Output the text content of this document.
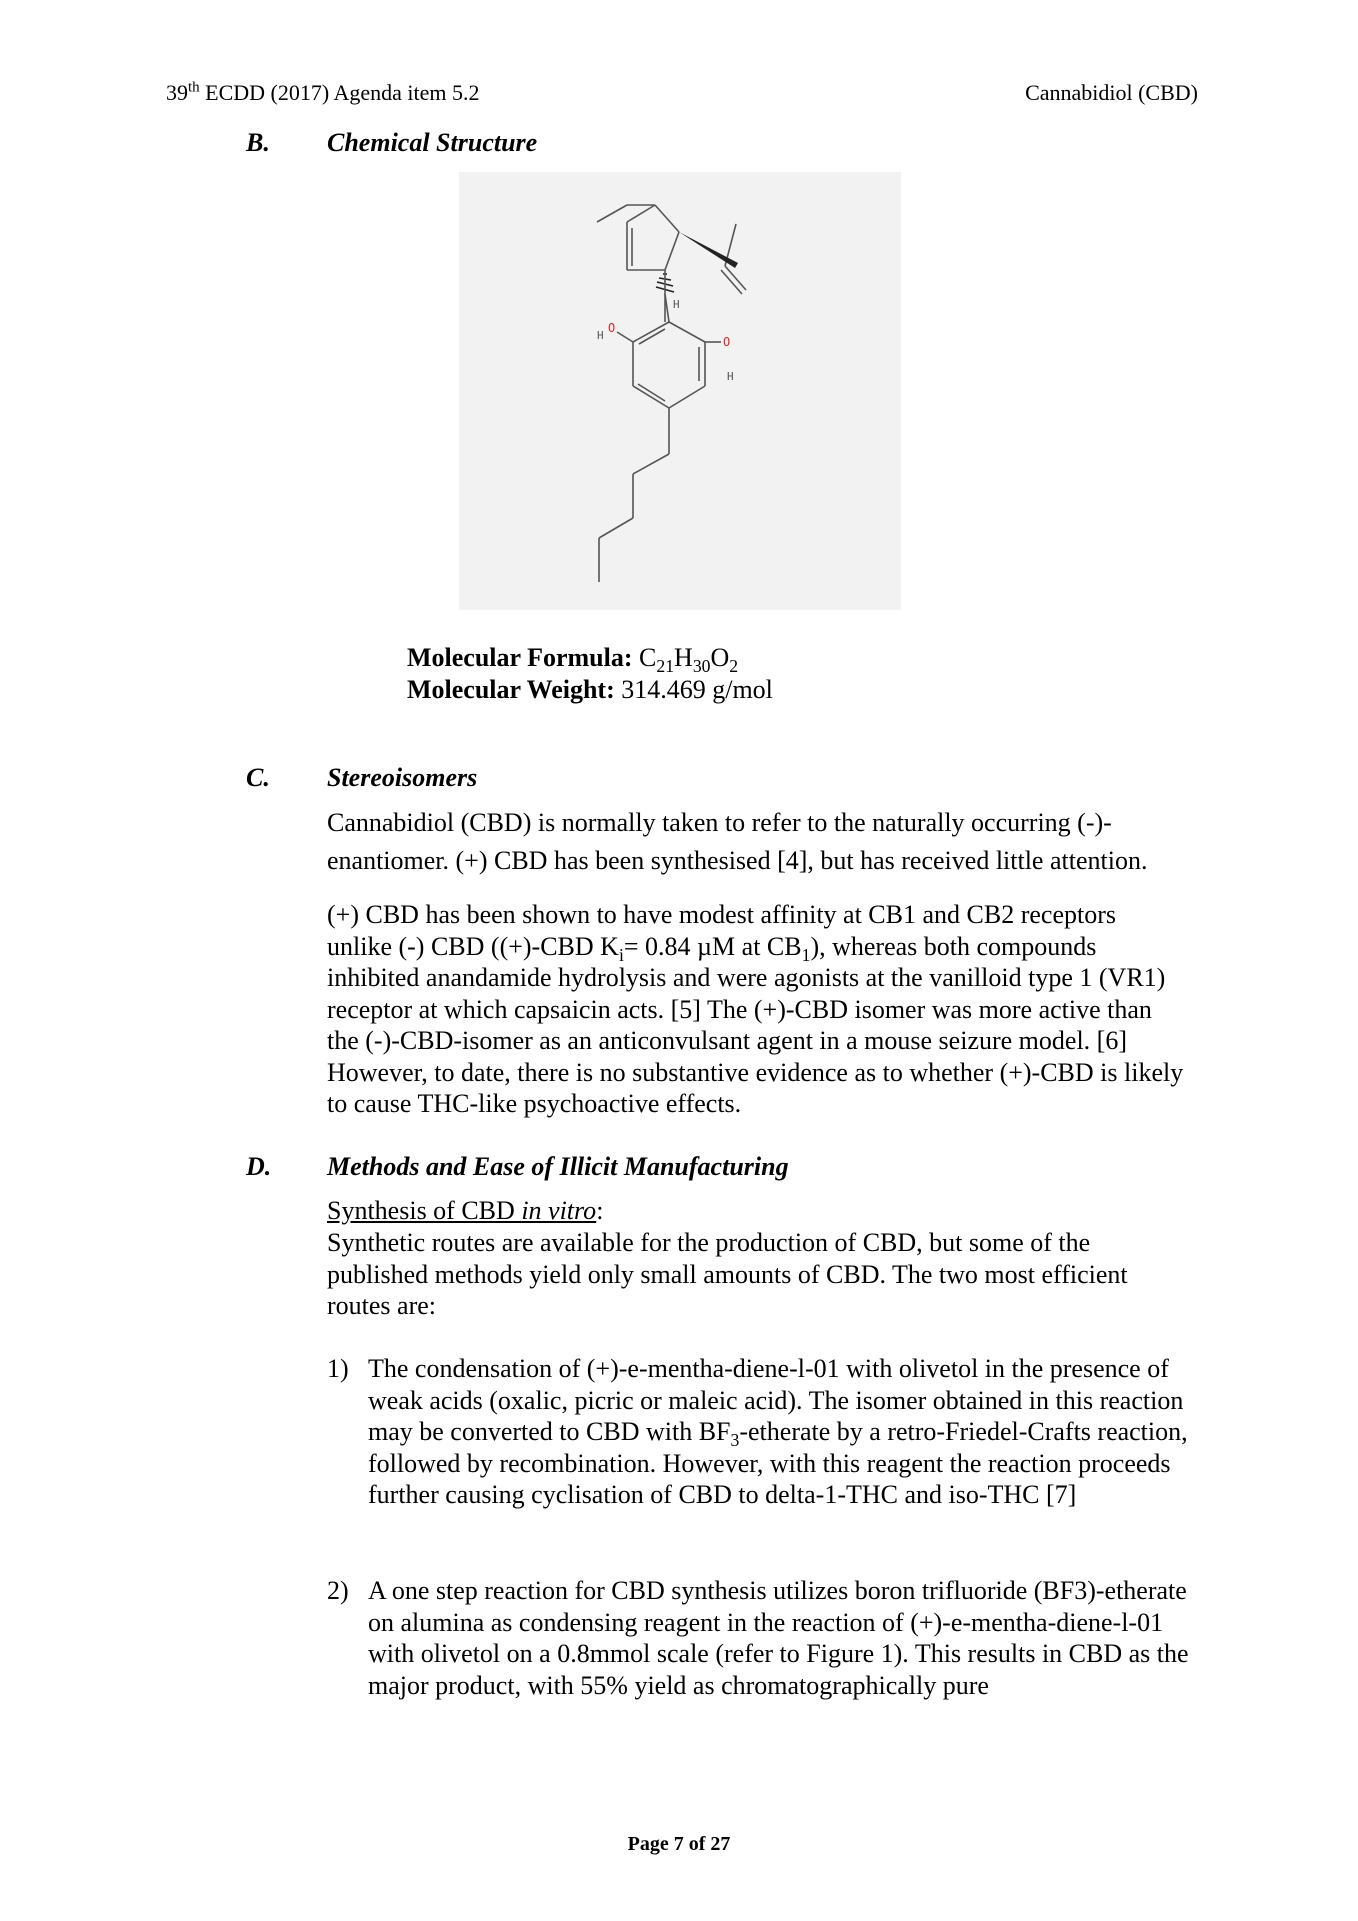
39th ECDD (2017) Agenda item 5.2	Cannabidiol (CBD)
B. Chemical Structure
H
O
O
H
H
Molecular Formula: $C_{21}H_{30}O_2$
Molecular Weight: 314.469 g/mol
C. Stereoisomers
Cannabidiol (CBD) is normally taken to refer to the naturally occurring (-)-
enantiomer. (+) CBD has been synthesised [4], but has received little attention.
(+) CBD has been shown to have modest affinity at CB1 and CB2 receptors unlike (-) CBD ((+)-CBD $K_i= 0.84$ µM at $CB_1$), whereas both compounds inhibited anandamide hydrolysis and were agonists at the vanilloid type 1 (VR1) receptor at which capsaicin acts. [5] The (+)-CBD isomer was more active than the (-)-CBD-isomer as an anticonvulsant agent in a mouse seizure model. [6] However, to date, there is no substantive evidence as to whether (+)-CBD is likely to cause THC-like psychoactive effects.
D. Methods and Ease of Illicit Manufacturing
Synthesis of CBD in vitro:
Synthetic routes are available for the production of CBD, but some of the published methods yield only small amounts of CBD. The two most efficient routes are:
1) The condensation of (+)-e-mentha-diene-l-01 with olivetol in the presence of weak acids (oxalic, picric or maleic acid). The isomer obtained in this reaction may be converted to CBD with $BF_3$-etherate by a retro-Friedel-Crafts reaction, followed by recombination. However, with this reagent the reaction proceeds further causing cyclisation of CBD to delta-1-THC and iso-THC [7]
2) A one step reaction for CBD synthesis utilizes boron trifluoride (BF3)-etherate on alumina as condensing reagent in the reaction of (+)-e-mentha-diene-l-01 with olivetol on a 0.8mmol scale (refer to Figure 1). This results in CBD as the major product, with 55% yield as chromatographically pure
Page 7 of 27
